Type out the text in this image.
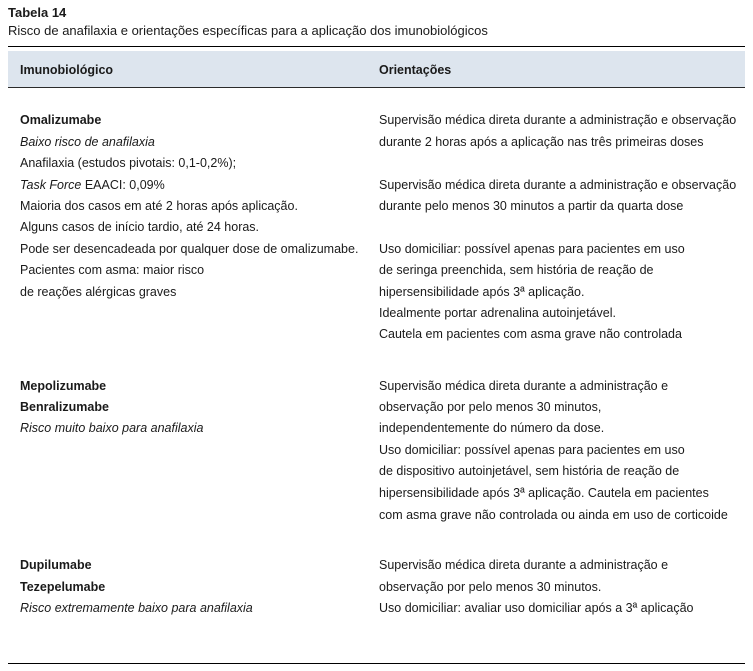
Tabela 14
Risco de anafilaxia e orientações específicas para a aplicação dos imunobiológicos
Imunobiológico	Orientações
Omalizumabe
Baixo risco de anafilaxia
Anafilaxia (estudos pivotais: 0,1-0,2%);
Task Force EAACI: 0,09%
Maioria dos casos em até 2 horas após aplicação.
Alguns casos de início tardio, até 24 horas.
Pode ser desencadeada por qualquer dose de omalizumabe.
Pacientes com asma: maior risco
de reações alérgicas graves
Supervisão médica direta durante a administração e observação
durante 2 horas após a aplicação nas três primeiras doses
Supervisão médica direta durante a administração e observação
durante pelo menos 30 minutos a partir da quarta dose
Uso domiciliar: possível apenas para pacientes em uso
de seringa preenchida, sem história de reação de
hipersensibilidade após 3ª aplicação.
Idealmente portar adrenalina autoinjetável.
Cautela em pacientes com asma grave não controlada
Mepolizumabe
Benralizumabe
Risco muito baixo para anafilaxia
Supervisão médica direta durante a administração e
observação por pelo menos 30 minutos,
independentemente do número da dose.
Uso domiciliar: possível apenas para pacientes em uso
de dispositivo autoinjetável, sem história de reação de
hipersensibilidade após 3ª aplicação. Cautela em pacientes
com asma grave não controlada ou ainda em uso de corticoide
Dupilumabe
Tezepelumabe
Risco extremamente baixo para anafilaxia
Supervisão médica direta durante a administração e
observação por pelo menos 30 minutos.
Uso domiciliar: avaliar uso domiciliar após a 3ª aplicação
